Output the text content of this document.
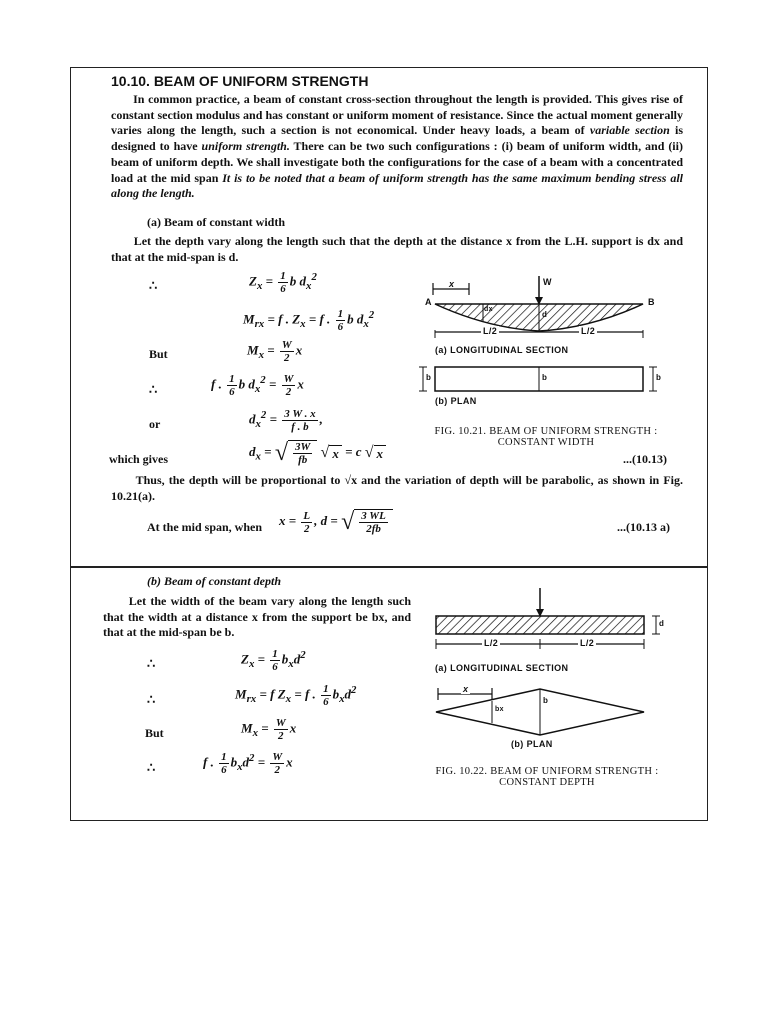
10.10. BEAM OF UNIFORM STRENGTH
In common practice, a beam of constant cross-section throughout the length is provided. This gives rise of constant section modulus and has constant or uniform moment of resistance. Since the actual moment generally varies along the length, such a section is not economical. Under heavy loads, a beam of variable section is designed to have uniform strength. There can be two such configurations : (i) beam of uniform width, and (ii) beam of uniform depth. We shall investigate both the configurations for the case of a beam with a concentrated load at the mid span It is to be noted that a beam of uniform strength has the same maximum bending stress all along the length.
(a) Beam of constant width
Let the depth vary along the length such that the depth at the distance x from the L.H. support is dx and that at the mid-span is d.
∴	$Z_x = \frac{1}{6}$ b $d_x^2$
$M_{rx} = f$ . $Z_x = f$ . $\frac{1}{6}$ b $d_x^2$
But	$M_x = \frac{W}{2}$ x
∴	f . $\frac{1}{6}$ b $d_x^2 = \frac{W}{2}$ x
or	$d_x^2 = \frac{3 W . x}{f . b}$ ,
which gives
$d_x$ = √ $\frac{3W}{fb}$ √ x = c √ x	...(10.13)
Thus, the depth will be proportional to √x and the variation of depth will be parabolic, as shown in Fig. 10.21(a).
At the mid span, when $x = \frac{L}{2}$ , d = √ $\frac{3 WL}{2fb}$	...(10.13 a)
A	B
W
x
dx
d
L/2	L/2
(a) LONGITUDINAL SECTION
b	b	b
(b) PLAN
FIG. 10.21. BEAM OF UNIFORM STRENGTH :
CONSTANT WIDTH
(b) Beam of constant depth
Let the width of the beam vary along the length such that the width at a distance x from the support be bx, and that at the mid-span be b.
∴	$Z_x = \frac{1}{6} b_xd^2$
∴	$M_{rx} = f$ $Z_x = f$ . $\frac{1}{6} b_xd^2$
But	$M_x = \frac{W}{2}$ x
∴	f . $\frac{1}{6} b_xd^2 = \frac{W}{2}$ x
L/2	L/2
d
(a) LONGITUDINAL SECTION
x
bx
b
(b) PLAN
FIG. 10.22. BEAM OF UNIFORM STRENGTH :
CONSTANT DEPTH
